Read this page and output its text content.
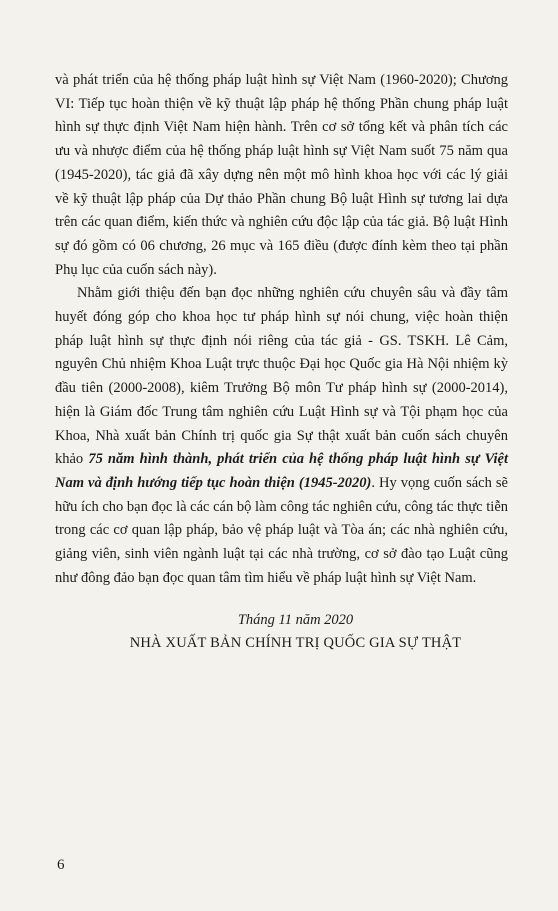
và phát triển của hệ thống pháp luật hình sự Việt Nam (1960-2020); Chương VI: Tiếp tục hoàn thiện về kỹ thuật lập pháp hệ thống Phần chung pháp luật hình sự thực định Việt Nam hiện hành. Trên cơ sở tổng kết và phân tích các ưu và nhược điểm của hệ thống pháp luật hình sự Việt Nam suốt 75 năm qua (1945-2020), tác giả đã xây dựng nên một mô hình khoa học với các lý giải về kỹ thuật lập pháp của Dự thảo Phần chung Bộ luật Hình sự tương lai dựa trên các quan điểm, kiến thức và nghiên cứu độc lập của tác giả. Bộ luật Hình sự đó gồm có 06 chương, 26 mục và 165 điều (được đính kèm theo tại phần Phụ lục của cuốn sách này).

Nhằm giới thiệu đến bạn đọc những nghiên cứu chuyên sâu và đầy tâm huyết đóng góp cho khoa học tư pháp hình sự nói chung, việc hoàn thiện pháp luật hình sự thực định nói riêng của tác giả - GS. TSKH. Lê Cảm, nguyên Chủ nhiệm Khoa Luật trực thuộc Đại học Quốc gia Hà Nội nhiệm kỳ đầu tiên (2000-2008), kiêm Trưởng Bộ môn Tư pháp hình sự (2000-2014), hiện là Giám đốc Trung tâm nghiên cứu Luật Hình sự và Tội phạm học của Khoa, Nhà xuất bản Chính trị quốc gia Sự thật xuất bản cuốn sách chuyên khảo 75 năm hình thành, phát triển của hệ thống pháp luật hình sự Việt Nam và định hướng tiếp tục hoàn thiện (1945-2020). Hy vọng cuốn sách sẽ hữu ích cho bạn đọc là các cán bộ làm công tác nghiên cứu, công tác thực tiễn trong các cơ quan lập pháp, bảo vệ pháp luật và Tòa án; các nhà nghiên cứu, giảng viên, sinh viên ngành luật tại các nhà trường, cơ sở đào tạo Luật cũng như đông đảo bạn đọc quan tâm tìm hiểu về pháp luật hình sự Việt Nam.

Tháng 11 năm 2020
NHÀ XUẤT BẢN CHÍNH TRỊ QUỐC GIA SỰ THẬT
6
